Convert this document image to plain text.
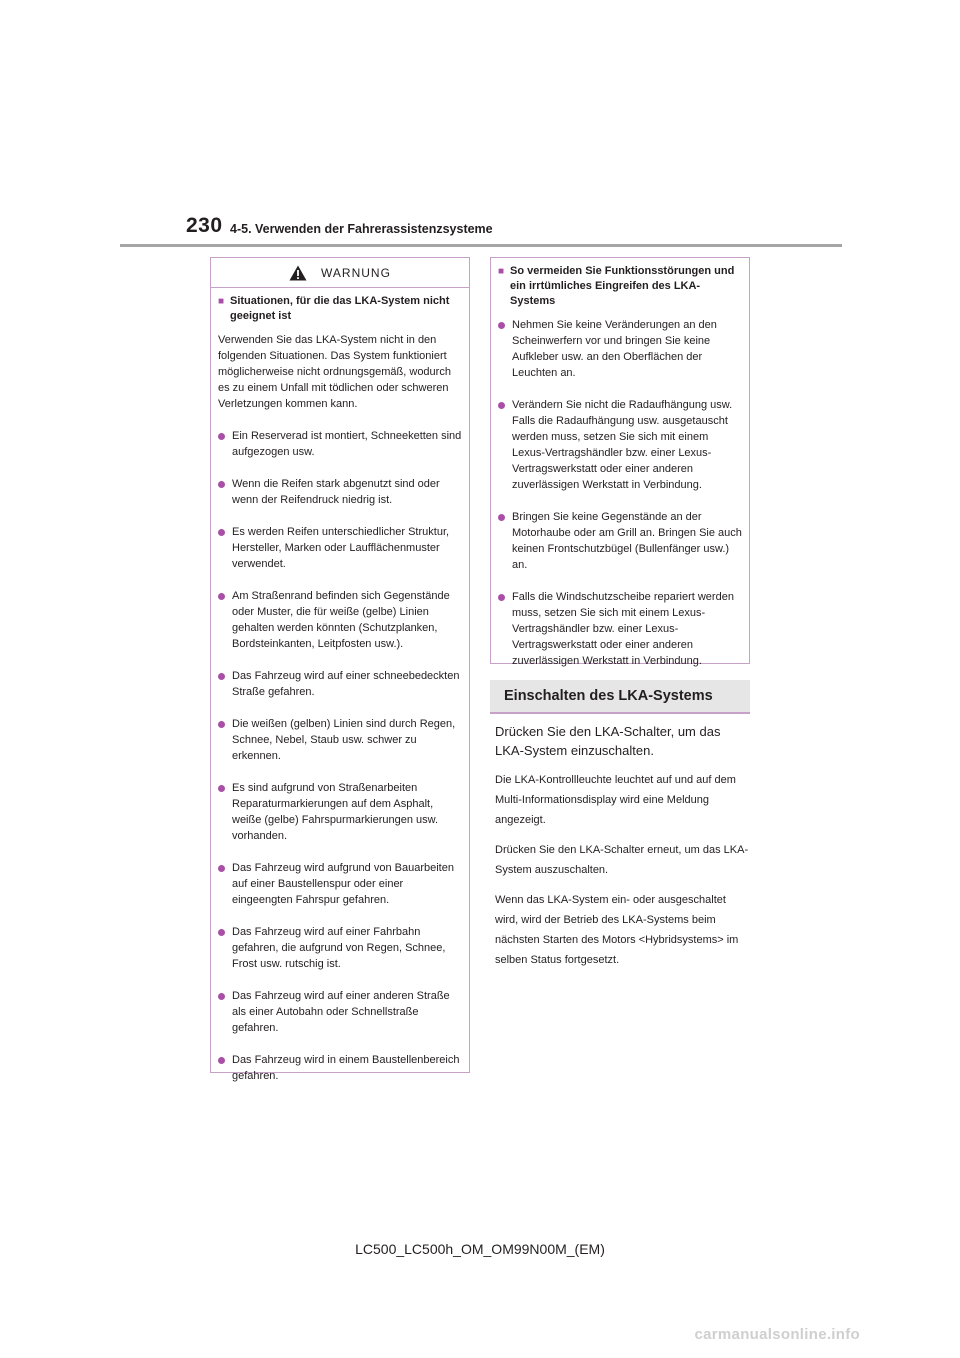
230 4-5. Verwenden der Fahrerassistenzsysteme
WARNUNG
■ Situationen, für die das LKA-System nicht geeignet ist

Verwenden Sie das LKA-System nicht in den folgenden Situationen. Das System funktioniert möglicherweise nicht ordnungsgemäß, wodurch es zu einem Unfall mit tödlichen oder schweren Verletzungen kommen kann.

Ein Reserverad ist montiert, Schneeketten sind aufgezogen usw.
Wenn die Reifen stark abgenutzt sind oder wenn der Reifendruck niedrig ist.
Es werden Reifen unterschiedlicher Struktur, Hersteller, Marken oder Laufflächenmuster verwendet.
Am Straßenrand befinden sich Gegenstände oder Muster, die für weiße (gelbe) Linien gehalten werden könnten (Schutzplanken, Bordsteinkanten, Leitpfosten usw.).
Das Fahrzeug wird auf einer schneebedeckten Straße gefahren.
Die weißen (gelben) Linien sind durch Regen, Schnee, Nebel, Staub usw. schwer zu erkennen.
Es sind aufgrund von Straßenarbeiten Reparaturmarkierungen auf dem Asphalt, weiße (gelbe) Fahrspurmarkierungen usw. vorhanden.
Das Fahrzeug wird aufgrund von Bauarbeiten auf einer Baustellenspur oder einer eingeengten Fahrspur gefahren.
Das Fahrzeug wird auf einer Fahrbahn gefahren, die aufgrund von Regen, Schnee, Frost usw. rutschig ist.
Das Fahrzeug wird auf einer anderen Straße als einer Autobahn oder Schnellstraße gefahren.
Das Fahrzeug wird in einem Baustellenbereich gefahren.
■ So vermeiden Sie Funktionsstörungen und ein irrtümliches Eingreifen des LKA-Systems
Nehmen Sie keine Veränderungen an den Scheinwerfern vor und bringen Sie keine Aufkleber usw. an den Oberflächen der Leuchten an.
Verändern Sie nicht die Radaufhängung usw. Falls die Radaufhängung usw. ausgetauscht werden muss, setzen Sie sich mit einem Lexus-Vertragshändler bzw. einer Lexus-Vertragswerkstatt oder einer anderen zuverlässigen Werkstatt in Verbindung.
Bringen Sie keine Gegenstände an der Motorhaube oder am Grill an. Bringen Sie auch keinen Frontschutzbügel (Bullenfänger usw.) an.
Falls die Windschutzscheibe repariert werden muss, setzen Sie sich mit einem Lexus-Vertragshändler bzw. einer Lexus-Vertragswerkstatt oder einer anderen zuverlässigen Werkstatt in Verbindung.
Einschalten des LKA-Systems

Drücken Sie den LKA-Schalter, um das LKA-System einzuschalten.

Die LKA-Kontrollleuchte leuchtet auf und auf dem Multi-Informationsdisplay wird eine Meldung angezeigt.

Drücken Sie den LKA-Schalter erneut, um das LKA-System auszuschalten.

Wenn das LKA-System ein- oder ausgeschaltet wird, wird der Betrieb des LKA-Systems beim nächsten Starten des Motors <Hybridsystems> im selben Status fortgesetzt.

LC500_LC500h_OM_OM99N00M_(EM)
carmanualsonline.info
